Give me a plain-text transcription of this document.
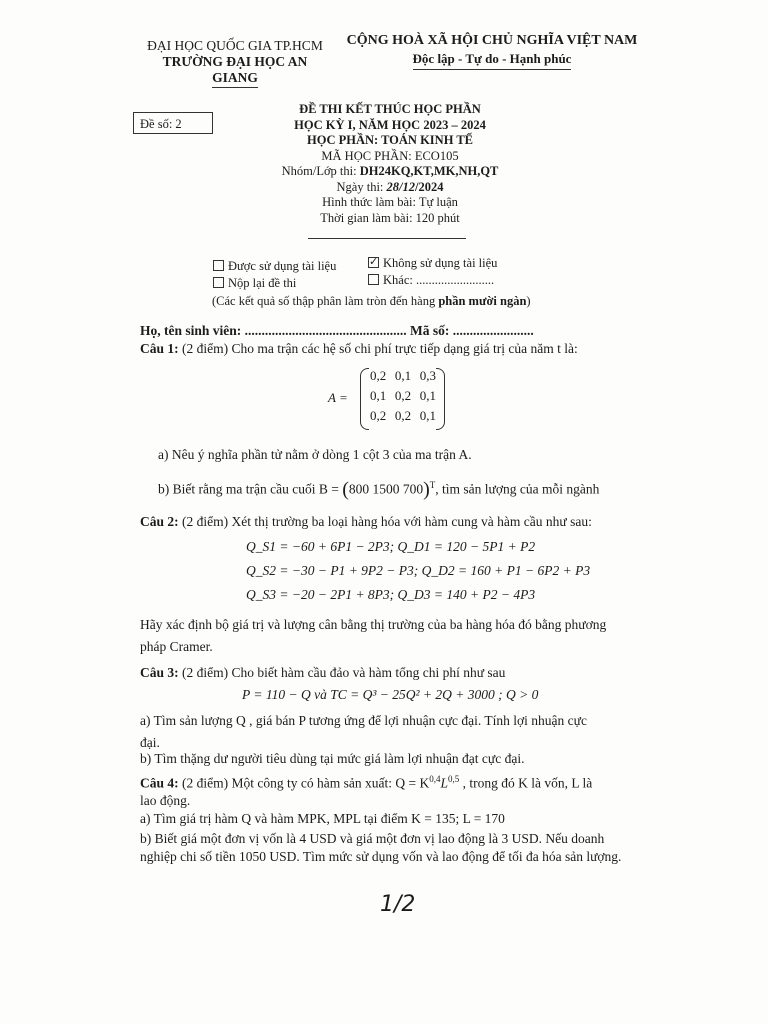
ĐẠI HỌC QUỐC GIA TP.HCM
TRƯỜNG ĐẠI HỌC AN
GIANG
CỘNG HOÀ XÃ HỘI CHỦ NGHĨA VIỆT NAM
Độc lập - Tự do - Hạnh phúc
Đề số: 2
ĐỀ THI KẾT THÚC HỌC PHẦN
HỌC KỲ I, NĂM HỌC 2023 – 2024
HỌC PHẦN: TOÁN KINH TẾ
MÃ HỌC PHẦN: ECO105
Nhóm/Lớp thi: DH24KQ,KT,MK,NH,QT
Ngày thi: 28/12/2024
Hình thức làm bài: Tự luận
Thời gian làm bài: 120 phút
Được sử dụng tài liệu
✓	Không sử dụng tài liệu
Nộp lại đề thi	Khác: .........................
(Các kết quả số thập phân làm tròn đến hàng phần mười ngàn)
Họ, tên sinh viên: ................................................ Mã số: ........................
Câu 1: (2 điểm) Cho ma trận các hệ số chi phí trực tiếp dạng giá trị của năm t là:
A =
0,2 0,1 0,3
0,1 0,2 0,1
0,2 0,2 0,1
a) Nêu ý nghĩa phần tử nằm ở dòng 1 cột 3 của ma trận A.
b) Biết rằng ma trận cầu cuối B = (800 1500 700)$^T$, tìm sản lượng của mỗi ngành
Câu 2: (2 điểm) Xét thị trường ba loại hàng hóa với hàm cung và hàm cầu như sau:
Q_S1 = −60 + 6P1 − 2P3; Q_D1 = 120 − 5P1 + P2
Q_S2 = −30 − P1 + 9P2 − P3; Q_D2 = 160 + P1 − 6P2 + P3
Q_S3 = −20 − 2P1 + 8P3; Q_D3 = 140 + P2 − 4P3
Hãy xác định bộ giá trị và lượng cân bằng thị trường của ba hàng hóa đó bằng phương
pháp Cramer.
Câu 3: (2 điểm) Cho biết hàm cầu đảo và hàm tổng chi phí như sau
P = 110 − Q và TC = Q³ − 25Q² + 2Q + 3000 ; Q > 0
a) Tìm sản lượng Q , giá bán P tương ứng để lợi nhuận cực đại. Tính lợi nhuận cực
đại.
b) Tìm thặng dư người tiêu dùng tại mức giá làm lợi nhuận đạt cực đại.
Câu 4: (2 điểm) Một công ty có hàm sản xuất: $Q = K^{0,4}L^{0,5}$ , trong đó K là vốn, L là
lao động.
a) Tìm giá trị hàm Q và hàm MPK, MPL tại điểm K = 135; L = 170
b) Biết giá một đơn vị vốn là 4 USD và giá một đơn vị lao động là 3 USD. Nếu doanh
nghiệp chi số tiền 1050 USD. Tìm mức sử dụng vốn và lao động để tối đa hóa sản lượng.
1/2
